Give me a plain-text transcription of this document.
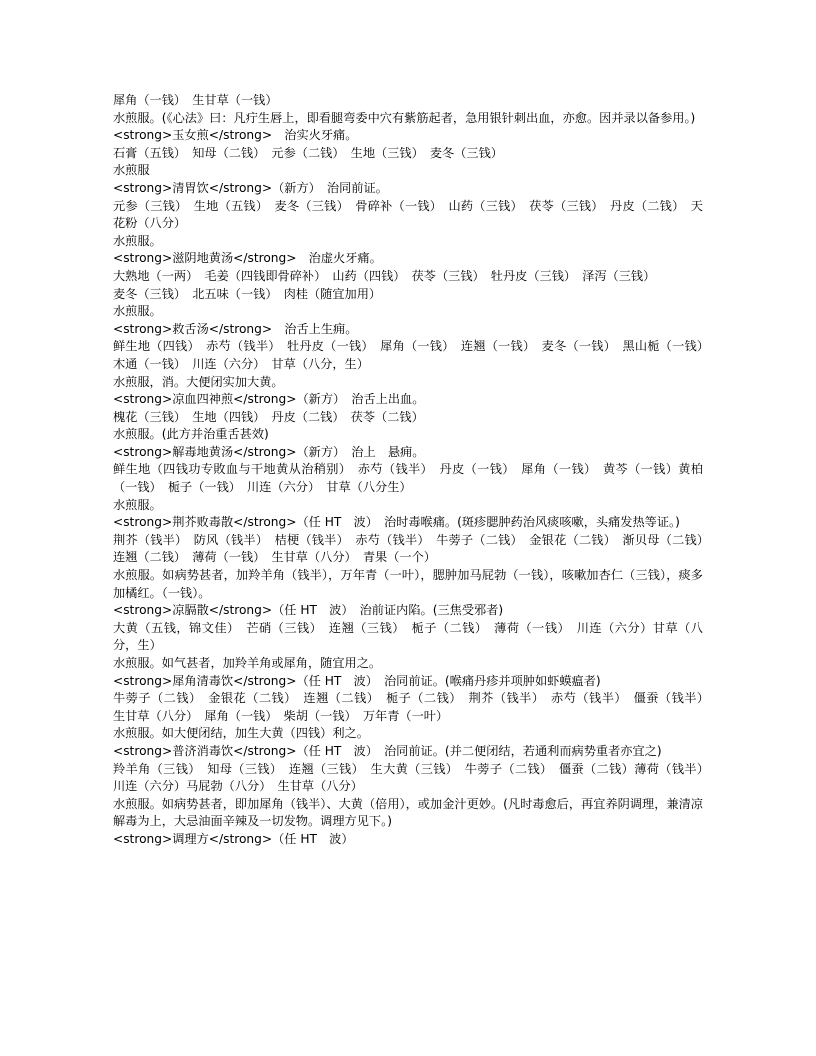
犀角（一钱）　生甘草（一钱）

水煎服。(《心法》曰：凡疔生唇上，即看腿弯委中穴有紫筋起者，急用银针刺出血，亦愈。因并录以备参用。)

<strong>玉女煎</strong>　治实火牙痛。

石膏（五钱）　知母（二钱）　元参（二钱）　生地（三钱）　麦冬（三钱）

水煎服

<strong>清胃饮</strong>（新方）　治同前证。

元参（三钱）　生地（五钱）　麦冬（三钱）　骨碎补（一钱）　山药（三钱）　茯苓（三钱）　丹皮（二钱）　天花粉（八分）

水煎服。

<strong>滋阴地黄汤</strong>　治虚火牙痛。

大熟地（一两）　毛姜（四钱即骨碎补）　山药（四钱）　茯苓（三钱）　牡丹皮（三钱）　泽泻（三钱）

麦冬（三钱）　北五味（一钱）　肉桂（随宜加用）

水煎服。

<strong>救舌汤</strong>　治舌上生痈。

鲜生地（四钱）　赤芍（钱半）　牡丹皮（一钱）　犀角（一钱）　连翘（一钱）　麦冬（一钱）　黑山栀（一钱）　木通（一钱）　川连（六分）　甘草（八分，生）

水煎服，消。大便闭实加大黄。

<strong>凉血四神煎</strong>（新方）　治舌上出血。

槐花（三钱）　生地（四钱）　丹皮（二钱）　茯苓（二钱）

水煎服。(此方并治重舌甚效)

<strong>解毒地黄汤</strong>（新方）　治上　悬痈。

鲜生地（四钱功专敗血与干地黄从治稍别）　赤芍（钱半）　丹皮（一钱）　犀角（一钱）　黄芩（一钱）黄柏（一钱）　栀子（一钱）　川连（六分）　甘草（八分生）

水煎服。

<strong>荆芥败毒散</strong>（任 HT　波）　治时毒喉痛。(斑疹腮肿药治风痰咳嗽，头痛发热等证。)

荆芥（钱半）　防风（钱半）　桔梗（钱半）　赤芍（钱半）　牛蒡子（二钱）　金银花（二钱）　渐贝母（二钱）　连翘（二钱）　薄荷（一钱）　生甘草（八分）　青果（一个）

水煎服。如病势甚者，加羚羊角（钱半），万年青（一叶），腮肿加马屁勃（一钱），咳嗽加杏仁（三钱），痰多加橘红。（一钱）。

<strong>凉膈散</strong>（任 HT　波）　治前证内陷。(三焦受邪者)

大黄（五钱，锦文佳）　芒硝（三钱）　连翘（三钱）　栀子（二钱）　薄荷（一钱）　川连（六分）甘草（八分，生）

水煎服。如气甚者，加羚羊角或犀角，随宜用之。

<strong>犀角清毒饮</strong>（任 HT　波）　治同前证。(喉痛丹疹并项肿如虾蟆瘟者)

牛蒡子（二钱）　金银花（二钱）　连翘（二钱）　栀子（二钱）　荆芥（钱半）　赤芍（钱半）　僵蚕（钱半）　生甘草（八分）　犀角（一钱）　柴胡（一钱）　万年青（一叶）

水煎服。如大便闭结，加生大黄（四钱）利之。

<strong>普济消毒饮</strong>（任 HT　波）　治同前证。(并二便闭结，若通利而病势重者亦宜之)

羚羊角（三钱）　知母（三钱）　连翘（三钱）　生大黄（三钱）　牛蒡子（二钱）　僵蚕（二钱）薄荷（钱半）　川连（六分）马屁勃（八分）　生甘草（八分）

水煎服。如病势甚者，即加犀角（钱半）、大黄（倍用），或加金汁更妙。(凡时毒愈后，再宜养阴调理，兼清凉解毒为上，大忌油面辛辣及一切发物。调理方见下。)

<strong>调理方</strong>（任 HT　波）
